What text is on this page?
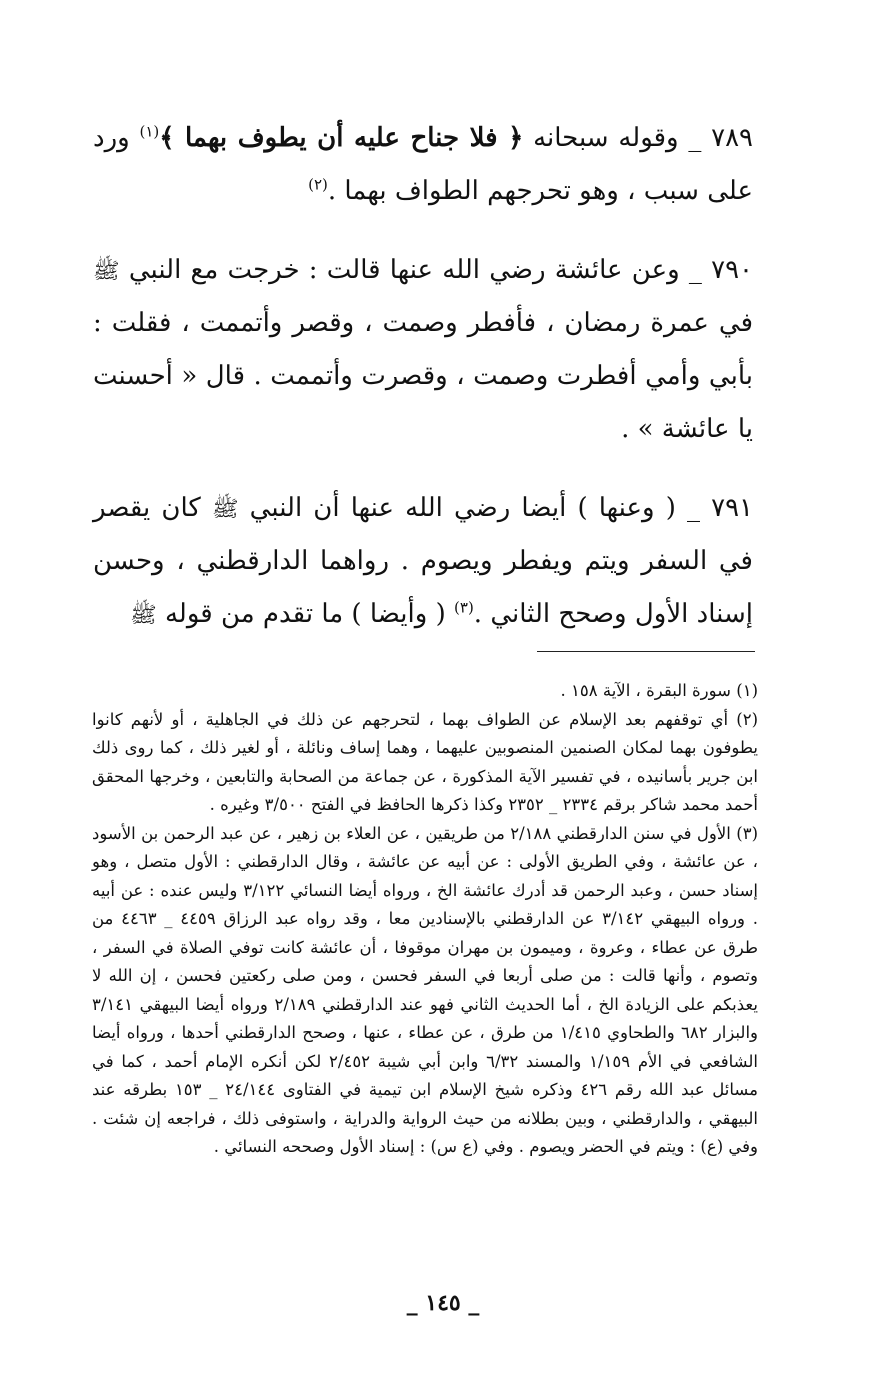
٧٨٩ _ وقوله سبحانه ﴿ فلا جناح عليه أن يطوف بهما ﴾$^{(١)}$ ورد على سبب ، وهو تحرجهم الطواف بهما .$^{(٢)}$

٧٩٠ _ وعن عائشة رضي الله عنها قالت : خرجت مع النبي ﷺ في عمرة رمضان ، فأفطر وصمت ، وقصر وأتممت ، فقلت : بأبي وأمي أفطرت وصمت ، وقصرت وأتممت . قال « أحسنت يا عائشة » .

٧٩١ _ ( وعنها ) أيضا رضي الله عنها أن النبي ﷺ كان يقصر في السفر ويتم ويفطر ويصوم . رواهما الدارقطني ، وحسن إسناد الأول وصحح الثاني .$^{(٣)}$ ( وأيضا ) ما تقدم من قوله ﷺ

(١) سورة البقرة ، الآية ١٥٨ .

(٢) أي توقفهم بعد الإسلام عن الطواف بهما ، لتحرجهم عن ذلك في الجاهلية ، أو لأنهم كانوا يطوفون بهما لمكان الصنمين المنصوبين عليهما ، وهما إساف ونائلة ، أو لغير ذلك ، كما روى ذلك ابن جرير بأسانيده ، في تفسير الآية المذكورة ، عن جماعة من الصحابة والتابعين ، وخرجها المحقق أحمد محمد شاكر برقم ٢٣٣٤ _ ٢٣٥٢ وكذا ذكرها الحافظ في الفتح ٣/٥٠٠ وغيره .

(٣) الأول في سنن الدارقطني ٢/١٨٨ من طريقين ، عن العلاء بن زهير ، عن عبد الرحمن بن الأسود ، عن عائشة ، وفي الطريق الأولى : عن أبيه عن عائشة ، وقال الدارقطني : الأول متصل ، وهو إسناد حسن ، وعبد الرحمن قد أدرك عائشة الخ ، ورواه أيضا النسائي ٣/١٢٢ وليس عنده : عن أبيه . ورواه البيهقي ٣/١٤٢ عن الدارقطني بالإسنادين معا ، وقد رواه عبد الرزاق ٤٤٥٩ _ ٤٤٦٣ من طرق عن عطاء ، وعروة ، وميمون بن مهران موقوفا ، أن عائشة كانت توفي الصلاة في السفر ، وتصوم ، وأنها قالت : من صلى أربعا في السفر فحسن ، ومن صلى ركعتين فحسن ، إن الله لا يعذبكم على الزيادة الخ ، أما الحديث الثاني فهو عند الدارقطني ٢/١٨٩ ورواه أيضا البيهقي ٣/١٤١ والبزار ٦٨٢ والطحاوي ١/٤١٥ من طرق ، عن عطاء ، عنها ، وصحح الدارقطني أحدها ، ورواه أيضا الشافعي في الأم ١/١٥٩ والمسند ٦/٣٢ وابن أبي شيبة ٢/٤٥٢ لكن أنكره الإمام أحمد ، كما في مسائل عبد الله رقم ٤٢٦ وذكره شيخ الإسلام ابن تيمية في الفتاوى ٢٤/١٤٤ _ ١٥٣ بطرقه عند البيهقي ، والدارقطني ، وبين بطلانه من حيث الرواية والدراية ، واستوفى ذلك ، فراجعه إن شئت . وفي (ع) : ويتم في الحضر ويصوم . وفي (ع س) : إسناد الأول وصححه النسائي .

_ ١٤٥ _
